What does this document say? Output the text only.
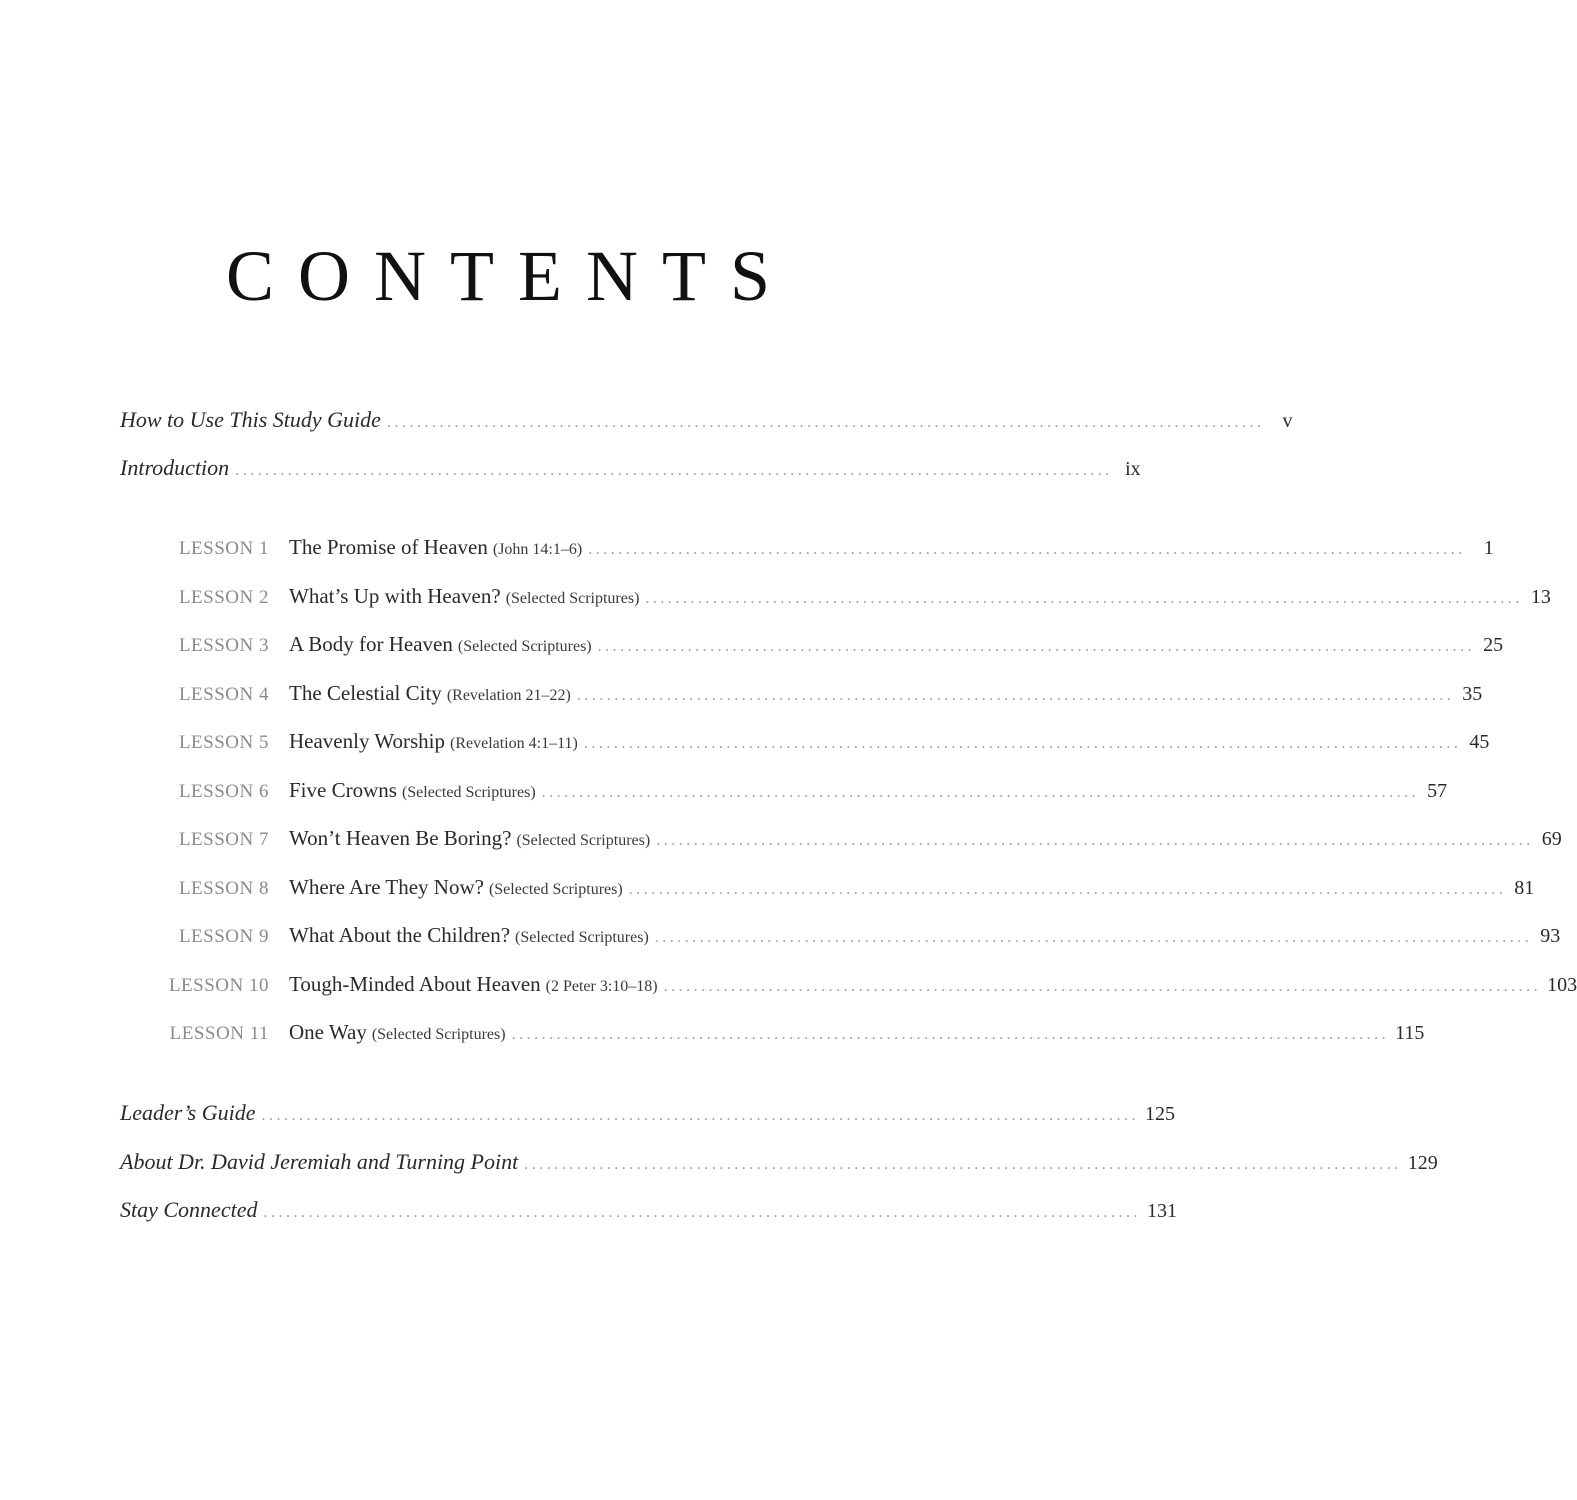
CONTENTS
How to Use This Study Guide ..................................................................................................................... v
Introduction ..................................................................................................................... ix
LESSON 1 The Promise of Heaven (John 14:1–6) ..................................................................................................................... 1
LESSON 2 What’s Up with Heaven? (Selected Scriptures) ..................................................................................................................... 13
LESSON 3 A Body for Heaven (Selected Scriptures) ..................................................................................................................... 25
LESSON 4 The Celestial City (Revelation 21–22) ..................................................................................................................... 35
LESSON 5 Heavenly Worship (Revelation 4:1–11) ..................................................................................................................... 45
LESSON 6 Five Crowns (Selected Scriptures) ..................................................................................................................... 57
LESSON 7 Won’t Heaven Be Boring? (Selected Scriptures) ..................................................................................................................... 69
LESSON 8 Where Are They Now? (Selected Scriptures) ..................................................................................................................... 81
LESSON 9 What About the Children? (Selected Scriptures) ..................................................................................................................... 93
LESSON 10 Tough-Minded About Heaven (2 Peter 3:10–18) ..................................................................................................................... 103
LESSON 11 One Way (Selected Scriptures) ..................................................................................................................... 115
Leader’s Guide ..................................................................................................................... 125
About Dr. David Jeremiah and Turning Point ..................................................................................................................... 129
Stay Connected ..................................................................................................................... 131
